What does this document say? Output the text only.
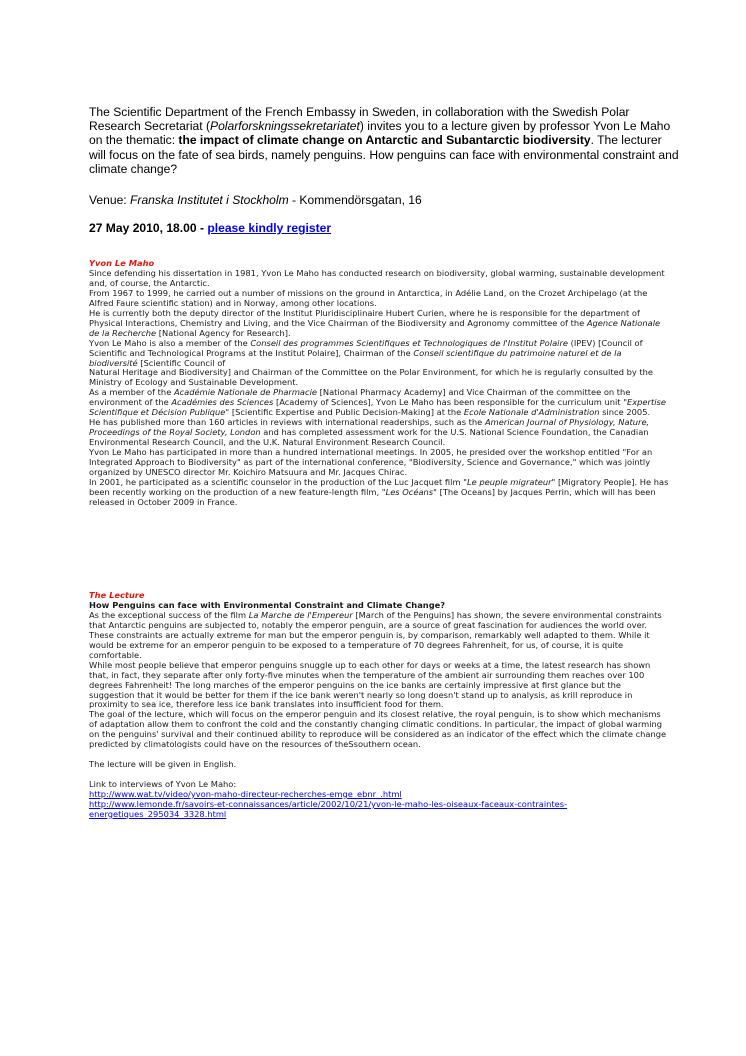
The Scientific Department of the French Embassy in Sweden, in collaboration with the Swedish Polar Research Secretariat (Polarforskningssekretariatet) invites you to a lecture given by professor Yvon Le Maho on the thematic: the impact of climate change on Antarctic and Subantarctic biodiversity. The lecturer will focus on the fate of sea birds, namely penguins. How penguins can face with environmental constraint and climate change?

Venue: Franska Institutet i Stockholm - Kommendörsgatan, 16
27 May 2010, 18.00 - please kindly register

Yvon Le Maho

Since defending his dissertation in 1981, Yvon Le Maho has conducted research on biodiversity, global warming, sustainable development and, of course, the Antarctic.

From 1967 to 1999, he carried out a number of missions on the ground in Antarctica, in Adélie Land, on the Crozet Archipelago (at the Alfred Faure scientific station) and in Norway, among other locations.

He is currently both the deputy director of the Institut Pluridisciplinaire Hubert Curien, where he is responsible for the department of Physical Interactions, Chemistry and Living, and the Vice Chairman of the Biodiversity and Agronomy committee of the Agence Nationale de la Recherche [National Agency for Research].

Yvon Le Maho is also a member of the Conseil des programmes Scientifiques et Technologiques de l'Institut Polaire (IPEV) [Council of Scientific and Technological Programs at the Institut Polaire], Chairman of the Conseil scientifique du patrimoine naturel et de la biodiversité [Scientific Council of

Natural Heritage and Biodiversity] and Chairman of the Committee on the Polar Environment, for which he is regularly consulted by the Ministry of Ecology and Sustainable Development.

As a member of the Académie Nationale de Pharmacie [National Pharmacy Academy] and Vice Chairman of the committee on the environment of the Académies des Sciences [Academy of Sciences], Yvon Le Maho has been responsible for the curriculum unit "Expertise Scientifique et Décision Publique" [Scientific Expertise and Public Decision-Making] at the Ecole Nationale d'Administration since 2005.

He has published more than 160 articles in reviews with international readerships, such as the American Journal of Physiology, Nature, Proceedings of the Royal Society, London and has completed assessment work for the U.S. National Science Foundation, the Canadian Environmental Research Council, and the U.K. Natural Environment Research Council.

Yvon Le Maho has participated in more than a hundred international meetings. In 2005, he presided over the workshop entitled "For an Integrated Approach to Biodiversity" as part of the international conference, "Biodiversity, Science and Governance," which was jointly organized by UNESCO director Mr. Koichiro Matsuura and Mr. Jacques Chirac.

In 2001, he participated as a scientific counselor in the production of the Luc Jacquet film "Le peuple migrateur" [Migratory People]. He has been recently working on the production of a new feature-length film, "Les Océans" [The Oceans] by Jacques Perrin, which will has been released in October 2009 in France.

The Lecture

How Penguins can face with Environmental Constraint and Climate Change?

As the exceptional success of the film La Marche de l'Empereur [March of the Penguins] has shown, the severe environmental constraints that Antarctic penguins are subjected to, notably the emperor penguin, are a source of great fascination for audiences the world over. These constraints are actually extreme for man but the emperor penguin is, by comparison, remarkably well adapted to them. While it would be extreme for an emperor penguin to be exposed to a temperature of 70 degrees Fahrenheit, for us, of course, it is quite comfortable.

While most people believe that emperor penguins snuggle up to each other for days or weeks at a time, the latest research has shown that, in fact, they separate after only forty-five minutes when the temperature of the ambient air surrounding them reaches over 100 degrees Fahrenheit! The long marches of the emperor penguins on the ice banks are certainly impressive at first glance but the suggestion that it would be better for them if the ice bank weren't nearly so long doesn't stand up to analysis, as krill reproduce in proximity to sea ice, therefore less ice bank translates into insufficient food for them.

The goal of the lecture, which will focus on the emperor penguin and its closest relative, the royal penguin, is to show which mechanisms of adaptation allow them to confront the cold and the constantly changing climatic conditions. In particular, the impact of global warming on the penguins' survival and their continued ability to reproduce will be considered as an indicator of the effect which the climate change predicted by climatologists could have on the resources of theSsouthern ocean.

The lecture will be given in English.

Link to interviews of Yvon Le Maho:

http://www.wat.tv/video/yvon-maho-directeur-recherches-emge_ebnr_.html

http://www.lemonde.fr/savoirs-et-connaissances/article/2002/10/21/yvon-le-maho-les-oiseaux-faceaux-contraintes-energetiques_295034_3328.html
